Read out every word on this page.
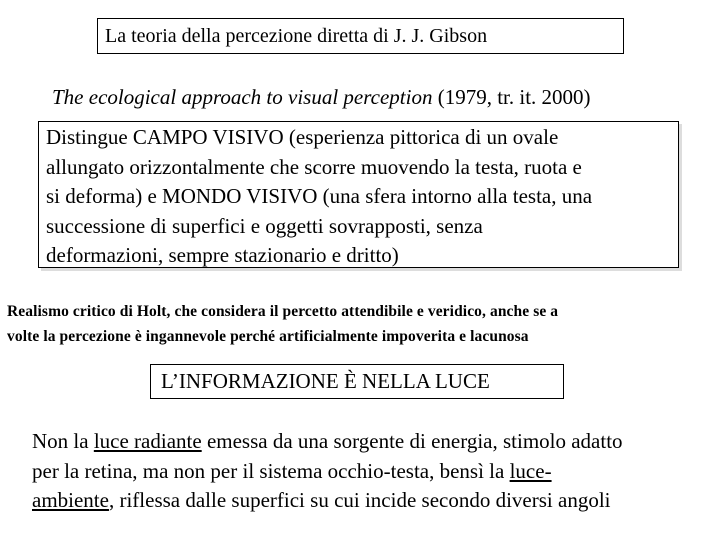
La teoria della percezione diretta di J. J. Gibson
The ecological approach to visual perception (1979, tr. it. 2000)
Distingue CAMPO VISIVO (esperienza pittorica di un ovale
allungato orizzontalmente che scorre muovendo la testa, ruota e
si deforma) e MONDO VISIVO (una sfera intorno alla testa, una
successione di superfici e oggetti sovrapposti, senza
deformazioni, sempre stazionario e dritto)
Realismo critico di Holt, che considera il percetto attendibile e veridico, anche se a
volte la percezione è ingannevole perché artificialmente impoverita e lacunosa
L’INFORMAZIONE È NELLA LUCE
Non la luce radiante emessa da una sorgente di energia, stimolo adatto
per la retina, ma non per il sistema occhio-testa, bensì la luce-
ambiente, riflessa dalle superfici su cui incide secondo diversi angoli
